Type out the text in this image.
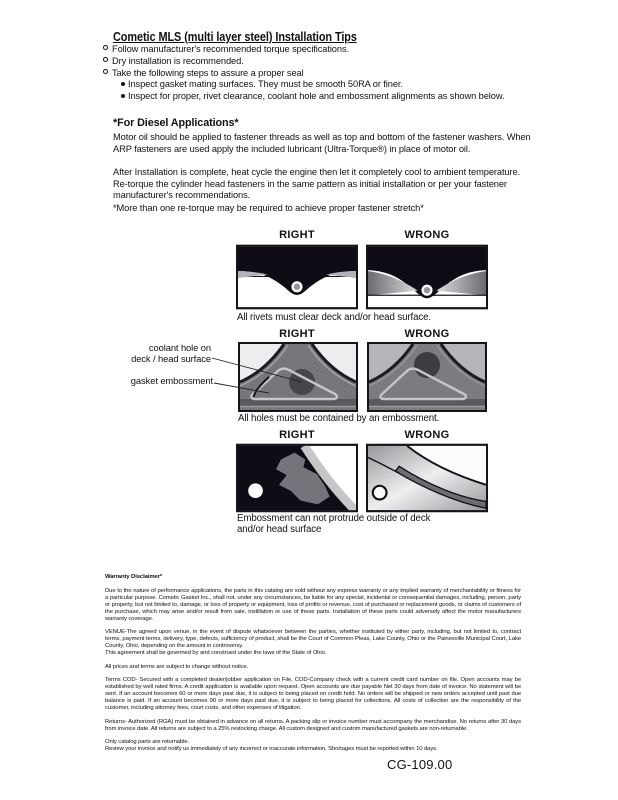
Cometic MLS (multi layer steel) Installation Tips
Follow manufacturer's recommended torque specifications.
Dry installation is recommended.
Take the following steps to assure a proper seal
Inspect gasket mating surfaces. They must be smooth 50RA or finer.
Inspect for proper, rivet clearance, coolant hole and embossment alignments as shown below.
*For Diesel Applications*
Motor oil should be applied to fastener threads as well as top and bottom of the fastener washers. When ARP fasteners are used apply the included lubricant (Ultra-Torque®) in place of motor oil.
After Installation is complete, heat cycle the engine then let it completely cool to ambient temperature. Re-torque the cylinder head fasteners in the same pattern as initial installation or per your fastener manufacturer's recommendations.
*More than one re-torque may be required to achieve proper fastener stretch*
RIGHT	WRONG
All rivets must clear deck and/or head surface.
RIGHT	WRONG
coolant hole on
deck / head surface
gasket embossment
All holes must be contained by an embossment.
RIGHT	WRONG
Embossment can not protrude outside of deck
and/or head surface
Warranty Disclaimer*
Due to the nature of performance applications, the parts in this catalog are sold without any express warranty or any implied warranty of merchantability or fitness for a particular purpose. Cometic Gasket Inc., shall not, under any circumstances, be liable for any special, incidental or consequential damages, including, person, party or property, but not limited to, damage, or loss of property or equipment, loss of profits or revenue, cost of purchased or replacement goods, or claims of customers of the purchase, which may arise and/or result from sale, instillation or use of these parts. Installation of these parts could adversely affect the motor manufacturers warranty coverage.
VENUE-The agreed upon venue, in the event of dispute whatsoever between the parties, whether instituted by either party, including, but not limited to, contract terms, payment terms, delivery, type, defects, sufficiency of product, shall be the Court of Common Pleas, Lake County, Ohio or the Painesville Municipal Court, Lake County, Ohio, depending on the amount in controversy.
This agreement shall be governed by and construed under the laws of the State of Ohio.
All prices and terms are subject to change without notice.
Terms COD- Secured with a completed dealer/jobber application on File, COD-Company check with a current credit card number on file. Open accounts may be established by well rated firms. A credit application is available upon request. Open accounts are due payable Net 30 days from date of invoice. No statement will be sent. If an account becomes 60 or more days past due, it is subject to being placed on credit hold. No orders will be shipped or new orders accepted until past due balance is paid. If an account becomes 90 or more days past due, it is subject to being placed for collections. All costs of collection are the responsibility of the customer, including attorney fees, court costs, and other expenses of litigation.
Returns- Authorized (RGA) must be obtained in advance on all returns. A packing slip or invoice number must accompany the merchandise. No returns after 30 days from invoice date. All returns are subject to a 25% restocking charge. All custom designed and custom manufactured gaskets are non-returnable.
Only catalog parts are returnable.
Review your invoice and notify us immediately of any incorrect or inaccurate information. Shortages must be reported within 10 days.
CG-109.00
